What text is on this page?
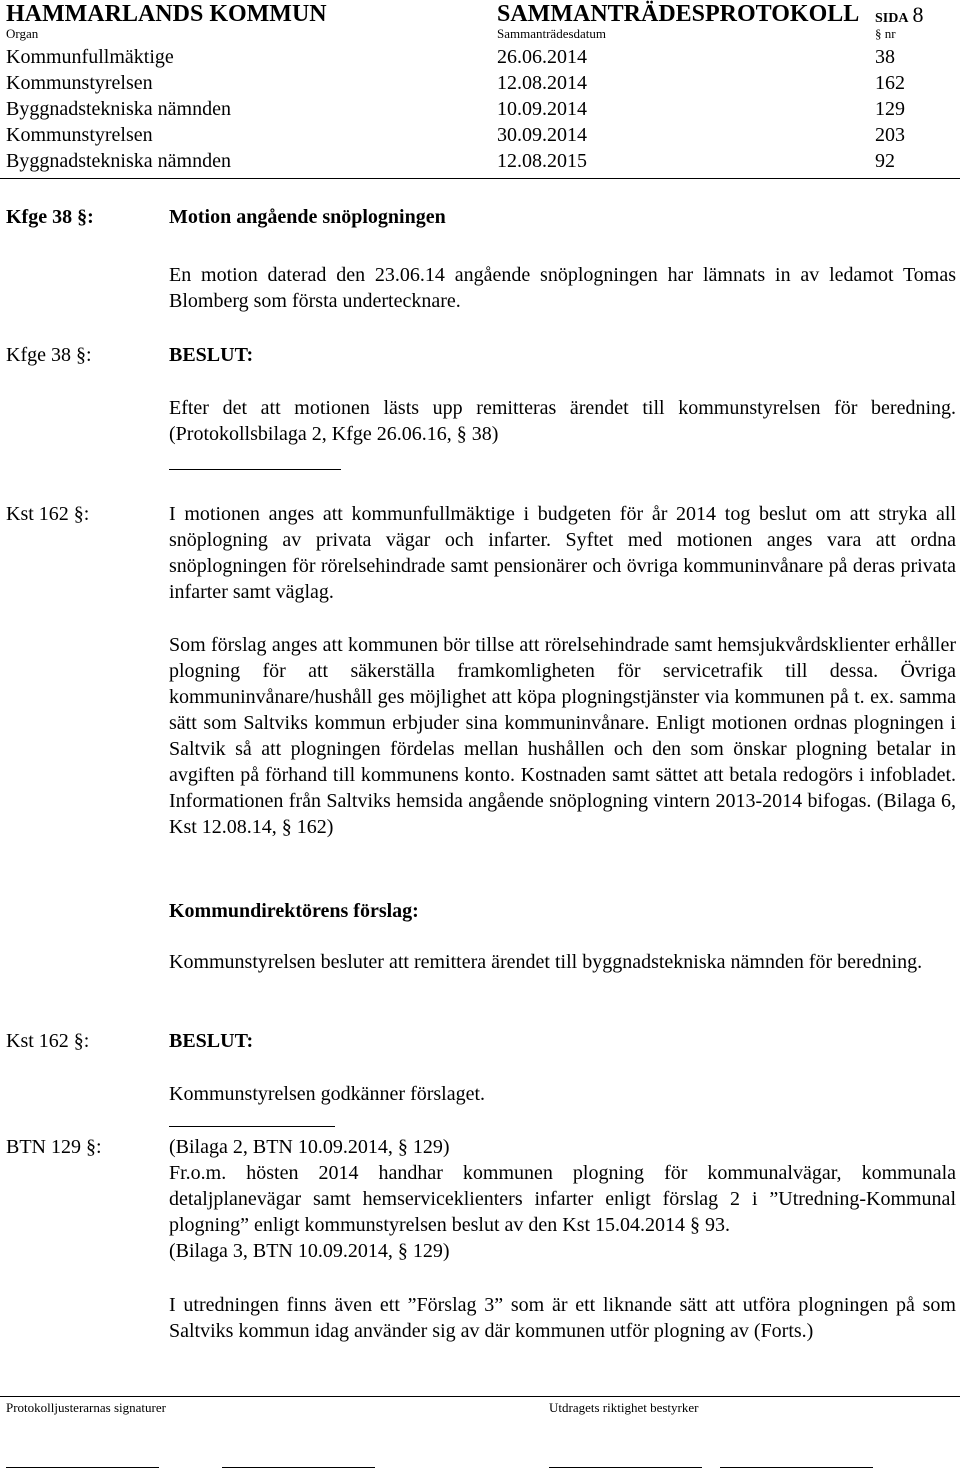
HAMMARLANDS KOMMUN	SAMMANTRÄDESPROTOKOLL SIDA 8
Organ	Sammanträdesdatum	§ nr
Kommunfullmäktige	26.06.2014	38
Kommunstyrelsen	12.08.2014	162
Byggnadstekniska nämnden	10.09.2014	129
Kommunstyrelsen	30.09.2014	203
Byggnadstekniska nämnden	12.08.2015	92
Kfge 38 §:	Motion angående snöplogningen
En motion daterad den 23.06.14 angående snöplogningen har lämnats in av ledamot Tomas Blomberg som första undertecknare.
Kfge 38 §:	BESLUT:
Efter det att motionen lästs upp remitteras ärendet till kommunstyrelsen för beredning. (Protokollsbilaga 2, Kfge 26.06.16, § 38)
Kst 162 §:	I motionen anges att kommunfullmäktige i budgeten för år 2014 tog beslut om att stryka all snöplogning av privata vägar och infarter. Syftet med motionen anges vara att ordna snöplogningen för rörelsehindrade samt pensionärer och övriga kommuninvånare på deras privata infarter samt väglag.
Som förslag anges att kommunen bör tillse att rörelsehindrade samt hemsjukvårdsklienter erhåller plogning för att säkerställa framkomligheten för servicetrafik till dessa. Övriga kommuninvånare/hushåll ges möjlighet att köpa plogningstjänster via kommunen på t. ex. samma sätt som Saltviks kommun erbjuder sina kommuninvånare. Enligt motionen ordnas plogningen i Saltvik så att plogningen fördelas mellan hushållen och den som önskar plogning betalar in avgiften på förhand till kommunens konto. Kostnaden samt sättet att betala redogörs i infobladet. Informationen från Saltviks hemsida angående snöplogning vintern 2013-2014 bifogas. (Bilaga 6, Kst 12.08.14, § 162)
Kommundirektörens förslag:
Kommunstyrelsen besluter att remittera ärendet till byggnadstekniska nämnden för beredning.
Kst 162 §:	BESLUT:
Kommunstyrelsen godkänner förslaget.
BTN 129 §:	(Bilaga 2, BTN 10.09.2014, § 129)
Fr.o.m. hösten 2014 handhar kommunen plogning för kommunalvägar, kommunala detaljplanevägar samt hemserviceklienters infarter enligt förslag 2 i ”Utredning-Kommunal plogning” enligt kommunstyrelsen beslut av den Kst 15.04.2014 § 93.
(Bilaga 3, BTN 10.09.2014, § 129)
I utredningen finns även ett ”Förslag 3” som är ett liknande sätt att utföra plogningen på som Saltviks kommun idag använder sig av där kommunen utför plogning av (Forts.)
Protokolljusterarnas signaturer	Utdragets riktighet bestyrker
